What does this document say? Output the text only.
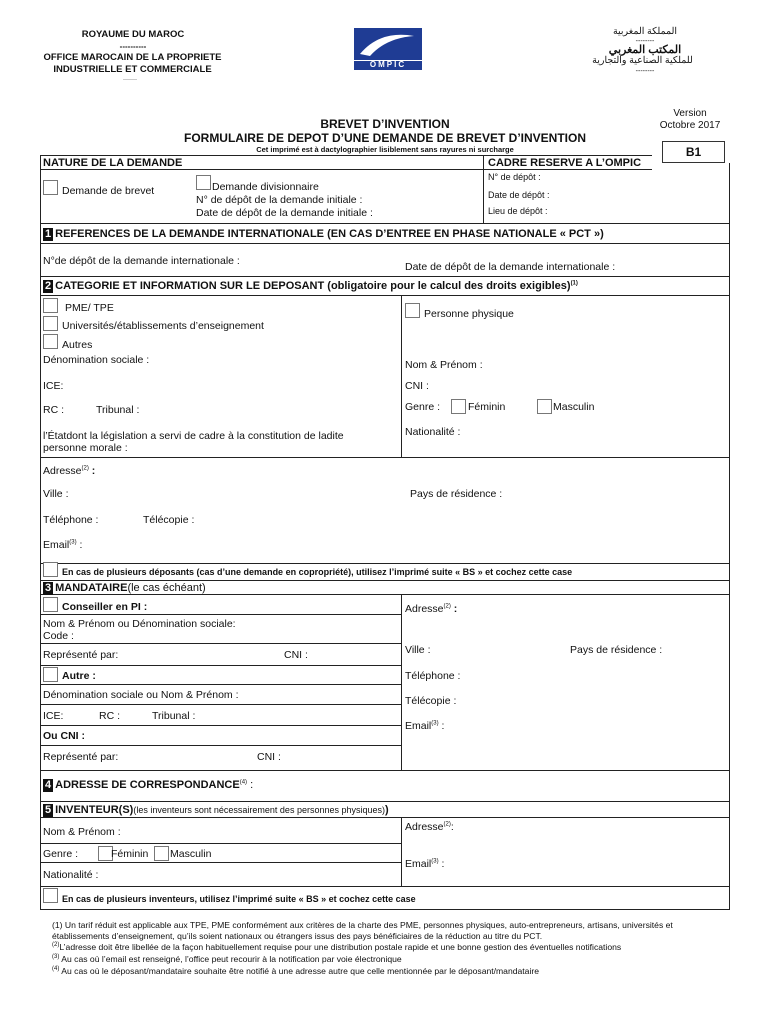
ROYAUME DU MAROC
----------
OFFICE MAROCAIN DE LA PROPRIETE
INDUSTRIELLE ET COMMERCIALE
-------
OMPIC
المملكة المغربية
--------
المكتب المغربي
للملكية الصناعية والتجارية
--------
Version
Octobre 2017
BREVET D’INVENTION
FORMULAIRE DE DEPOT D’UNE DEMANDE DE BREVET D’INVENTION
Cet imprimé est à dactylographier lisiblement sans rayures ni surcharge	B1
NATURE DE LA DEMANDE	CADRE RESERVE A L’OMPIC
Demande de brevet	Demande divisionnaire
N° de dépôt de la demande initiale :
Date de dépôt de la demande initiale :
N° de dépôt :
Date de dépôt :
Lieu de dépôt :
1 REFERENCES DE LA DEMANDE INTERNATIONALE (EN CAS D’ENTREE EN PHASE NATIONALE « PCT »)
N°de dépôt de la demande internationale :	Date de dépôt de la demande internationale :
2 CATEGORIE ET INFORMATION SUR LE DEPOSANT (obligatoire pour le calcul des droits exigibles)$^{(1)}$
PME/ TPE
Universités/établissements d’enseignement
Autres
Dénomination sociale :
ICE:
RC :	Tribunal :
l’Étatdont la législation a servi de cadre à la constitution de ladite
personne morale :
Personne physique
Nom & Prénom :
CNI :
Genre :	Féminin	Masculin
Nationalité :
Adresse$^{(2)}$ :
Ville :	Pays de résidence :
Téléphone :	Télécopie :
Email$^{(3)}$ :
En cas de plusieurs déposants (cas d’une demande en copropriété), utilisez l’imprimé suite « BS » et cochez cette case
3 MANDATAIRE(le cas échéant)
Conseiller en PI :
Nom & Prénom ou Dénomination sociale:
Code :
Représenté par:	CNI :
Autre :
Dénomination sociale ou Nom & Prénom :
ICE:	RC :	Tribunal :
Ou CNI :
Représenté par:	CNI :
Adresse$^{(2)}$ :
Ville :	Pays de résidence :
Téléphone :
Télécopie :
Email$^{(3)}$ :
4 ADRESSE DE CORRESPONDANCE$^{(4)}$ :
5 INVENTEUR(S)(les inventeurs sont nécessairement des personnes physiques))
Nom & Prénom :
Genre :	Féminin Masculin
Nationalité :
Adresse$^{(2)}$:
Email$^{(3)}$ :
En cas de plusieurs inventeurs, utilisez l’imprimé suite « BS » et cochez cette case
(1) Un tarif réduit est applicable aux TPE, PME conformément aux critères de la charte des PME, personnes physiques, auto-entrepreneurs, artisans, universités et
établissements d’enseignement, qu’ils soient nationaux ou étrangers issus des pays bénéficiaires de la réduction au titre du PCT.
$^{(2)}$L’adresse doit être libellée de la façon habituellement requise pour une distribution postale rapide et une bonne gestion des éventuelles notifications
$^{(3)}$ Au cas où l’email est renseigné, l’office peut recourir à la notification par voie électronique
$^{(4)}$ Au cas où le déposant/mandataire souhaite être notifié à une adresse autre que celle mentionnée par le déposant/mandataire
